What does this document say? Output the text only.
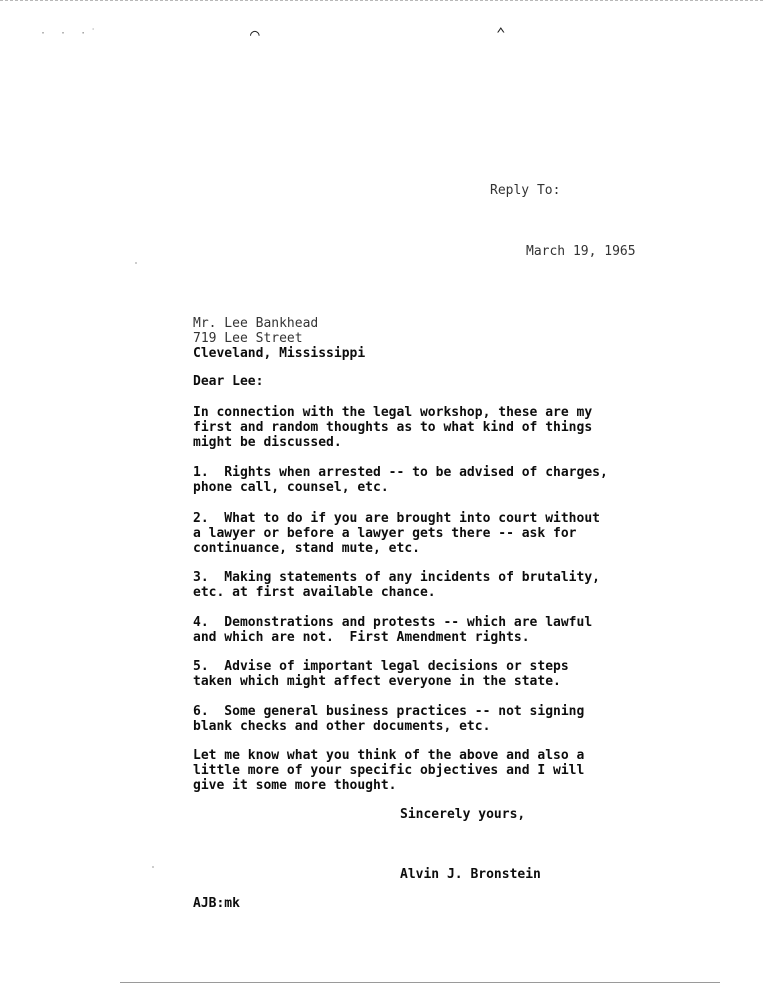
· · ·˙	⌒	⌃
Reply To:
March 19, 1965
Mr. Lee Bankhead
719 Lee Street
Cleveland, Mississippi
Dear Lee:
In connection with the legal workshop, these are my
first and random thoughts as to what kind of things
might be discussed.
1.  Rights when arrested -- to be advised of charges,
phone call, counsel, etc.
2.  What to do if you are brought into court without
a lawyer or before a lawyer gets there -- ask for
continuance, stand mute, etc.
3.  Making statements of any incidents of brutality,
etc. at first available chance.
4.  Demonstrations and protests -- which are lawful
and which are not.  First Amendment rights.
5.  Advise of important legal decisions or steps
taken which might affect everyone in the state.
6.  Some general business practices -- not signing
blank checks and other documents, etc.
Let me know what you think of the above and also a
little more of your specific objectives and I will
give it some more thought.
Sincerely yours,
Alvin J. Bronstein
AJB:mk
